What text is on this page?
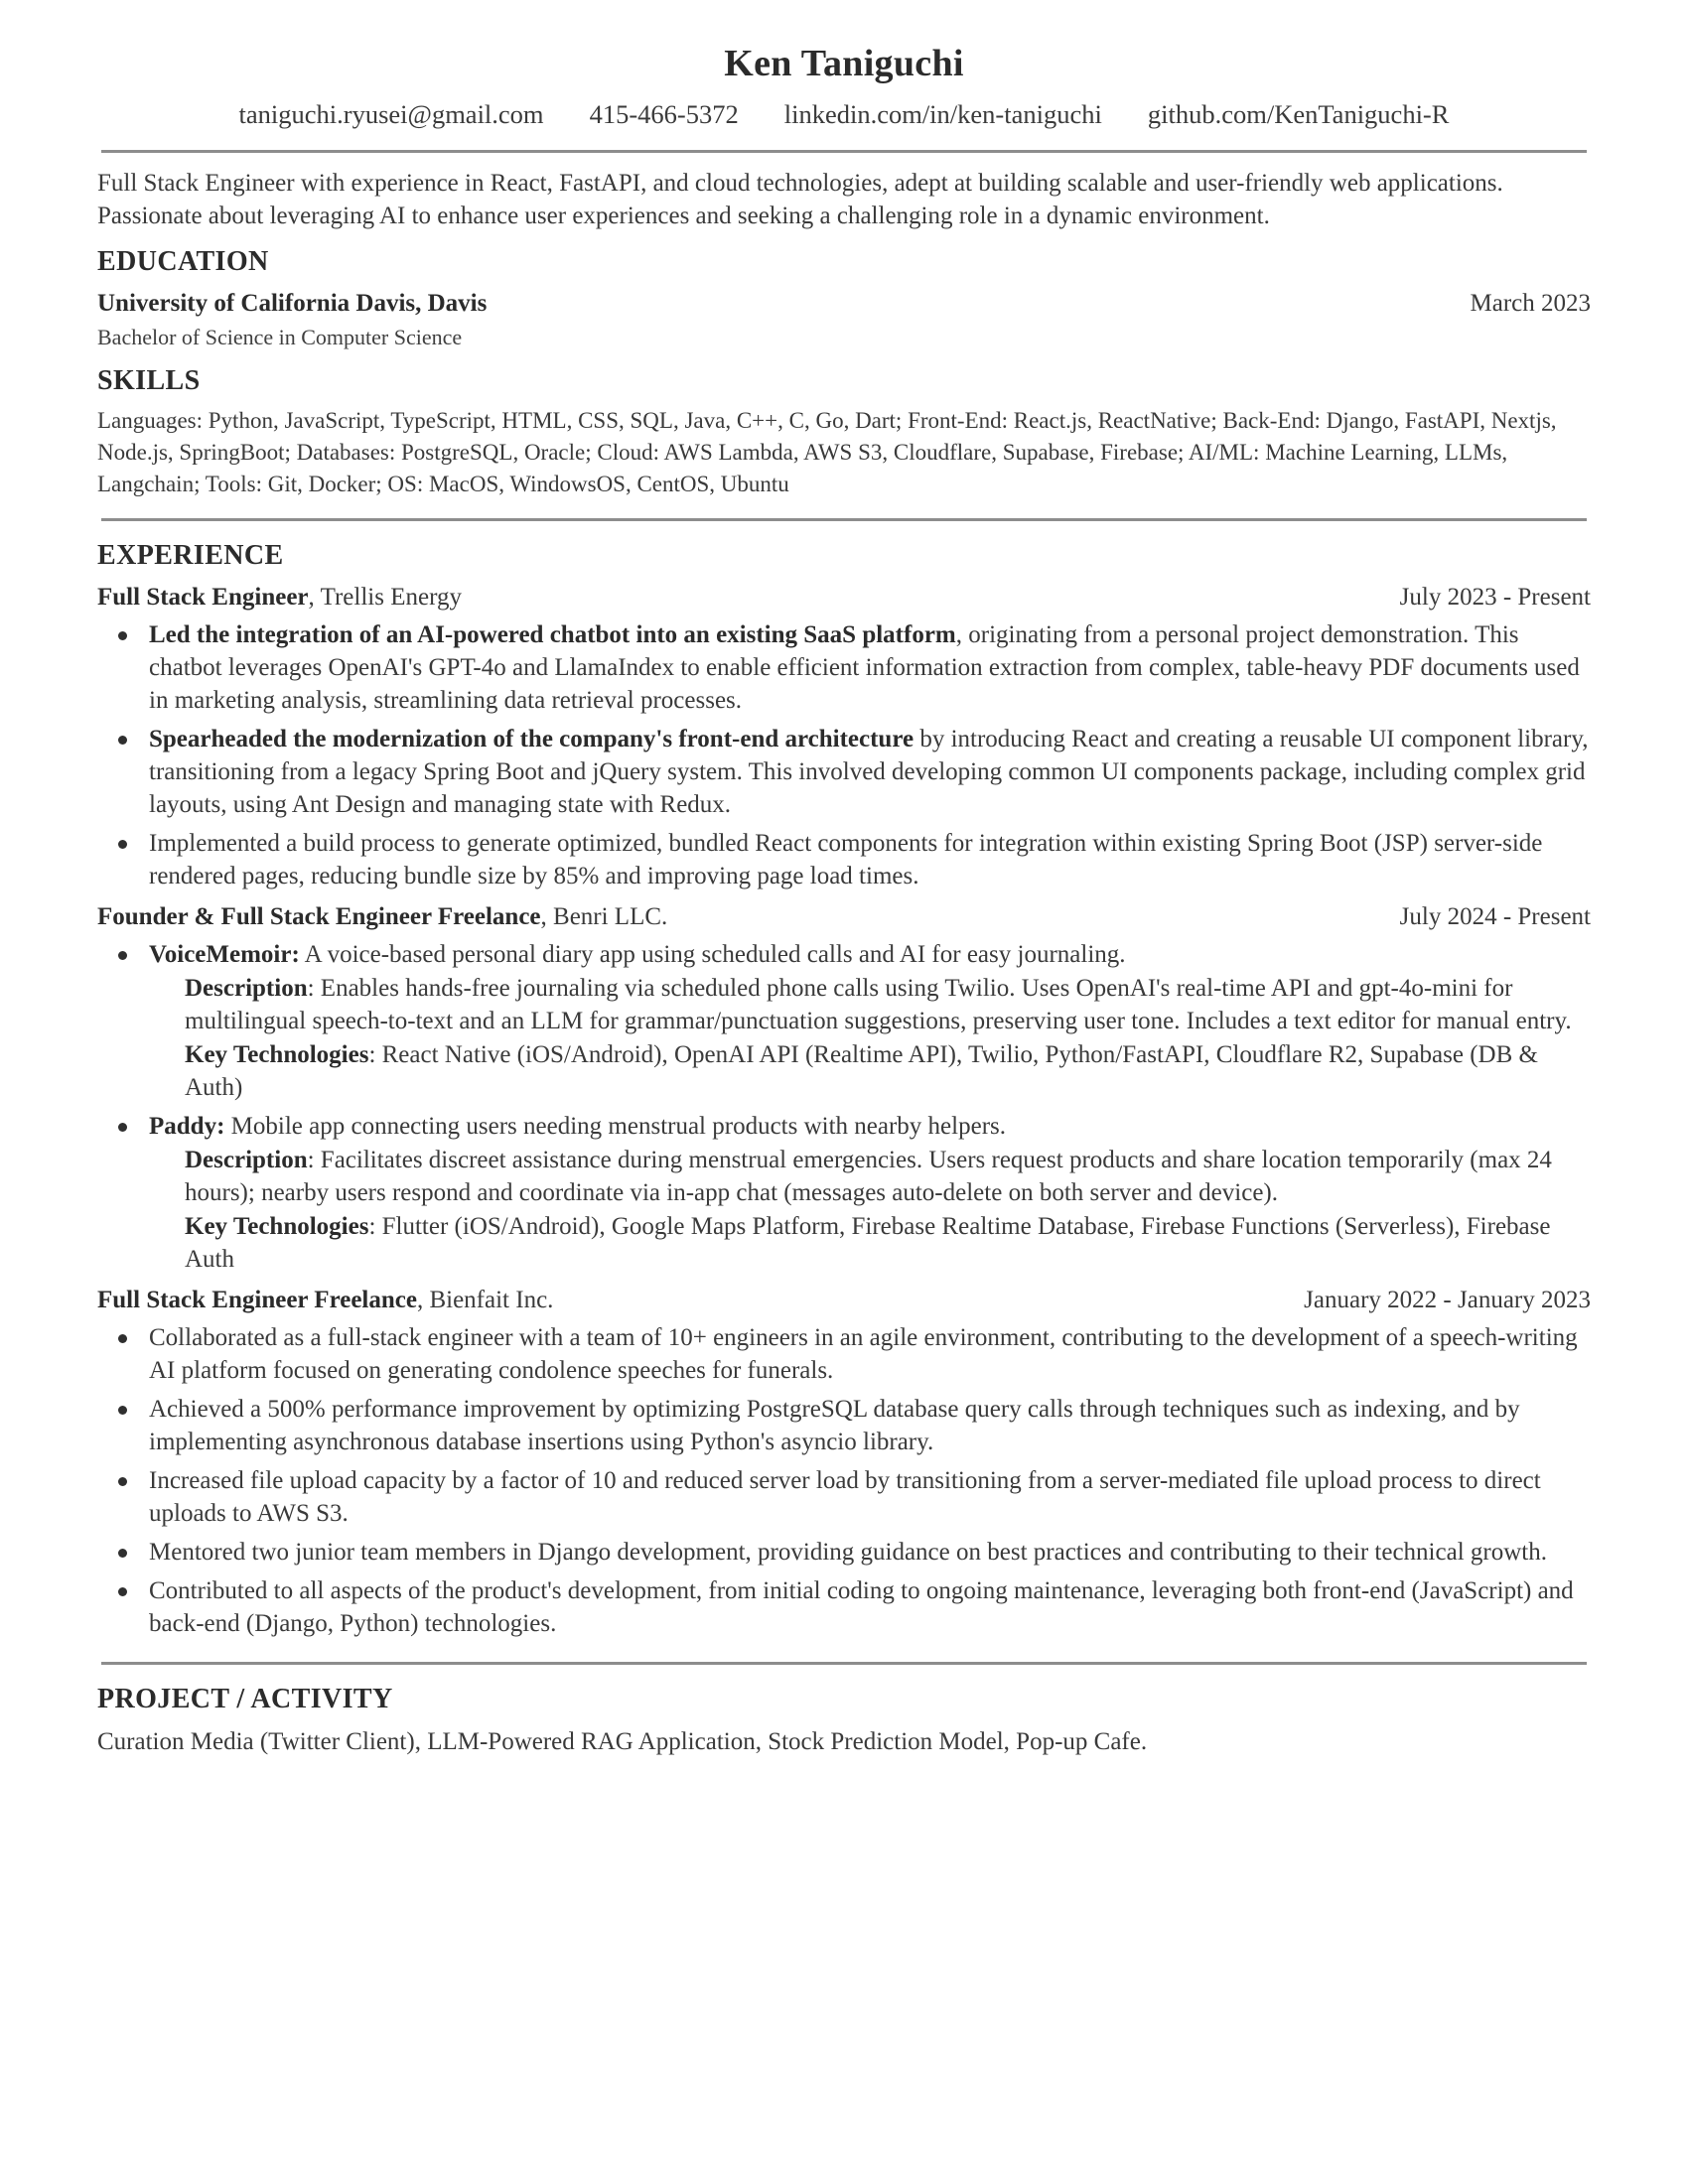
Ken Taniguchi
taniguchi.ryusei@gmail.com 415-466-5372 linkedin.com/in/ken-taniguchi github.com/KenTaniguchi-R
Full Stack Engineer with experience in React, FastAPI, and cloud technologies, adept at building scalable and user-friendly web applications. Passionate about leveraging AI to enhance user experiences and seeking a challenging role in a dynamic environment.
EDUCATION
University of California Davis, Davis	March 2023
Bachelor of Science in Computer Science
SKILLS
Languages: Python, JavaScript, TypeScript, HTML, CSS, SQL, Java, C++, C, Go, Dart; Front-End: React.js, ReactNative; Back-End: Django, FastAPI, Nextjs, Node.js, SpringBoot; Databases: PostgreSQL, Oracle; Cloud: AWS Lambda, AWS S3, Cloudflare, Supabase, Firebase; AI/ML: Machine Learning, LLMs, Langchain; Tools: Git, Docker; OS: MacOS, WindowsOS, CentOS, Ubuntu
EXPERIENCE
Full Stack Engineer, Trellis Energy	July 2023 - Present
Led the integration of an AI-powered chatbot into an existing SaaS platform, originating from a personal project demonstration. This chatbot leverages OpenAI's GPT-4o and LlamaIndex to enable efficient information extraction from complex, table-heavy PDF documents used in marketing analysis, streamlining data retrieval processes.
Spearheaded the modernization of the company's front-end architecture by introducing React and creating a reusable UI component library, transitioning from a legacy Spring Boot and jQuery system. This involved developing common UI components package, including complex grid layouts, using Ant Design and managing state with Redux.
Implemented a build process to generate optimized, bundled React components for integration within existing Spring Boot (JSP) server-side rendered pages, reducing bundle size by 85% and improving page load times.
Founder & Full Stack Engineer Freelance, Benri LLC.	July 2024 - Present
VoiceMemoir: A voice-based personal diary app using scheduled calls and AI for easy journaling.
Description: Enables hands-free journaling via scheduled phone calls using Twilio. Uses OpenAI's real-time API and gpt-4o-mini for multilingual speech-to-text and an LLM for grammar/punctuation suggestions, preserving user tone. Includes a text editor for manual entry.
Key Technologies: React Native (iOS/Android), OpenAI API (Realtime API), Twilio, Python/FastAPI, Cloudflare R2, Supabase (DB & Auth)
Paddy: Mobile app connecting users needing menstrual products with nearby helpers.
Description: Facilitates discreet assistance during menstrual emergencies. Users request products and share location temporarily (max 24 hours); nearby users respond and coordinate via in-app chat (messages auto-delete on both server and device).
Key Technologies: Flutter (iOS/Android), Google Maps Platform, Firebase Realtime Database, Firebase Functions (Serverless), Firebase Auth
Full Stack Engineer Freelance, Bienfait Inc.	January 2022 - January 2023
Collaborated as a full-stack engineer with a team of 10+ engineers in an agile environment, contributing to the development of a speech-writing AI platform focused on generating condolence speeches for funerals.
Achieved a 500% performance improvement by optimizing PostgreSQL database query calls through techniques such as indexing, and by implementing asynchronous database insertions using Python's asyncio library.
Increased file upload capacity by a factor of 10 and reduced server load by transitioning from a server-mediated file upload process to direct uploads to AWS S3.
Mentored two junior team members in Django development, providing guidance on best practices and contributing to their technical growth.
Contributed to all aspects of the product's development, from initial coding to ongoing maintenance, leveraging both front-end (JavaScript) and back-end (Django, Python) technologies.
PROJECT / ACTIVITY
Curation Media (Twitter Client), LLM-Powered RAG Application, Stock Prediction Model, Pop-up Cafe.
